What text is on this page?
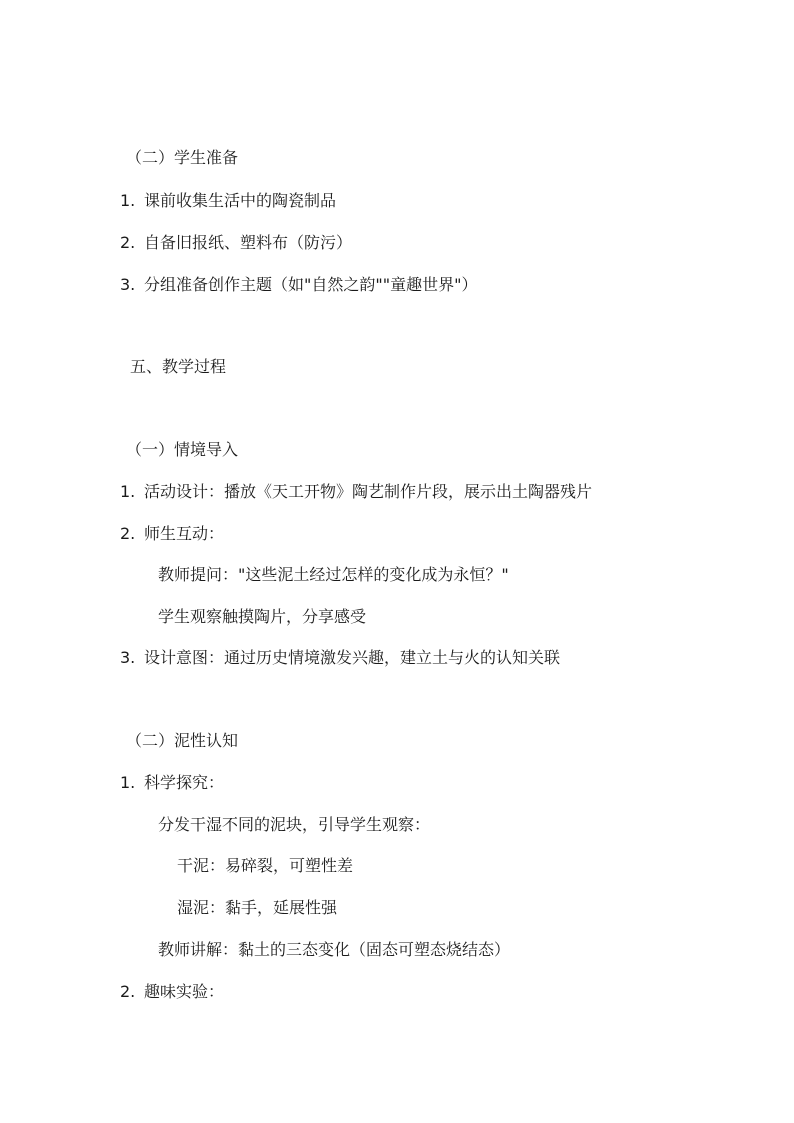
（二）学生准备
1. 课前收集生活中的陶瓷制品
2. 自备旧报纸、塑料布（防污）
3. 分组准备创作主题（如"自然之韵""童趣世界"）
五、教学过程
（一）情境导入
1. 活动设计：播放《天工开物》陶艺制作片段，展示出土陶器残片
2. 师生互动：
教师提问："这些泥土经过怎样的变化成为永恒？"
学生观察触摸陶片，分享感受
3. 设计意图：通过历史情境激发兴趣，建立土与火的认知关联
（二）泥性认知
1. 科学探究：
分发干湿不同的泥块，引导学生观察：
干泥：易碎裂，可塑性差
湿泥：黏手，延展性强
教师讲解：黏土的三态变化（固态可塑态烧结态）
2. 趣味实验：
